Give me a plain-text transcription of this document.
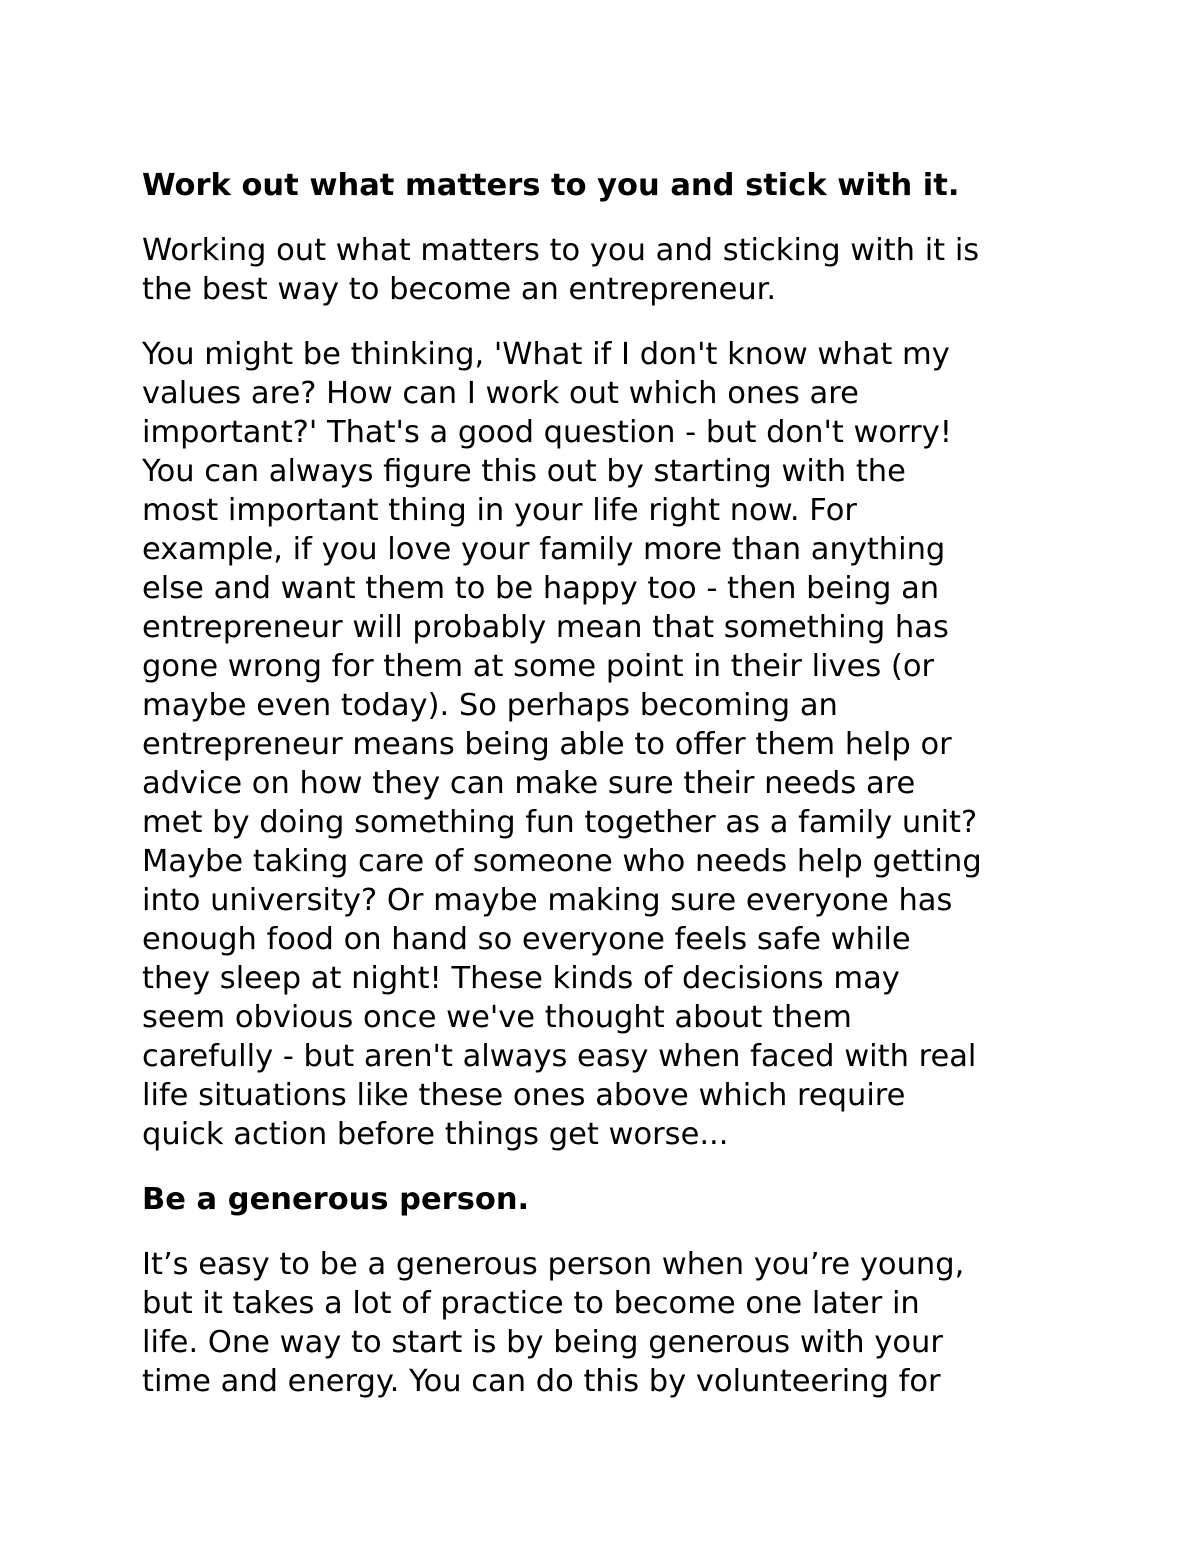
Work out what matters to you and stick with it.
Working out what matters to you and sticking with it is
the best way to become an entrepreneur.
You might be thinking, 'What if I don't know what my
values are? How can I work out which ones are
important?' That's a good question - but don't worry!
You can always figure this out by starting with the
most important thing in your life right now. For
example, if you love your family more than anything
else and want them to be happy too - then being an
entrepreneur will probably mean that something has
gone wrong for them at some point in their lives (or
maybe even today). So perhaps becoming an
entrepreneur means being able to offer them help or
advice on how they can make sure their needs are
met by doing something fun together as a family unit?
Maybe taking care of someone who needs help getting
into university? Or maybe making sure everyone has
enough food on hand so everyone feels safe while
they sleep at night! These kinds of decisions may
seem obvious once we've thought about them
carefully - but aren't always easy when faced with real
life situations like these ones above which require
quick action before things get worse...
Be a generous person.
It’s easy to be a generous person when you’re young,
but it takes a lot of practice to become one later in
life. One way to start is by being generous with your
time and energy. You can do this by volunteering for
